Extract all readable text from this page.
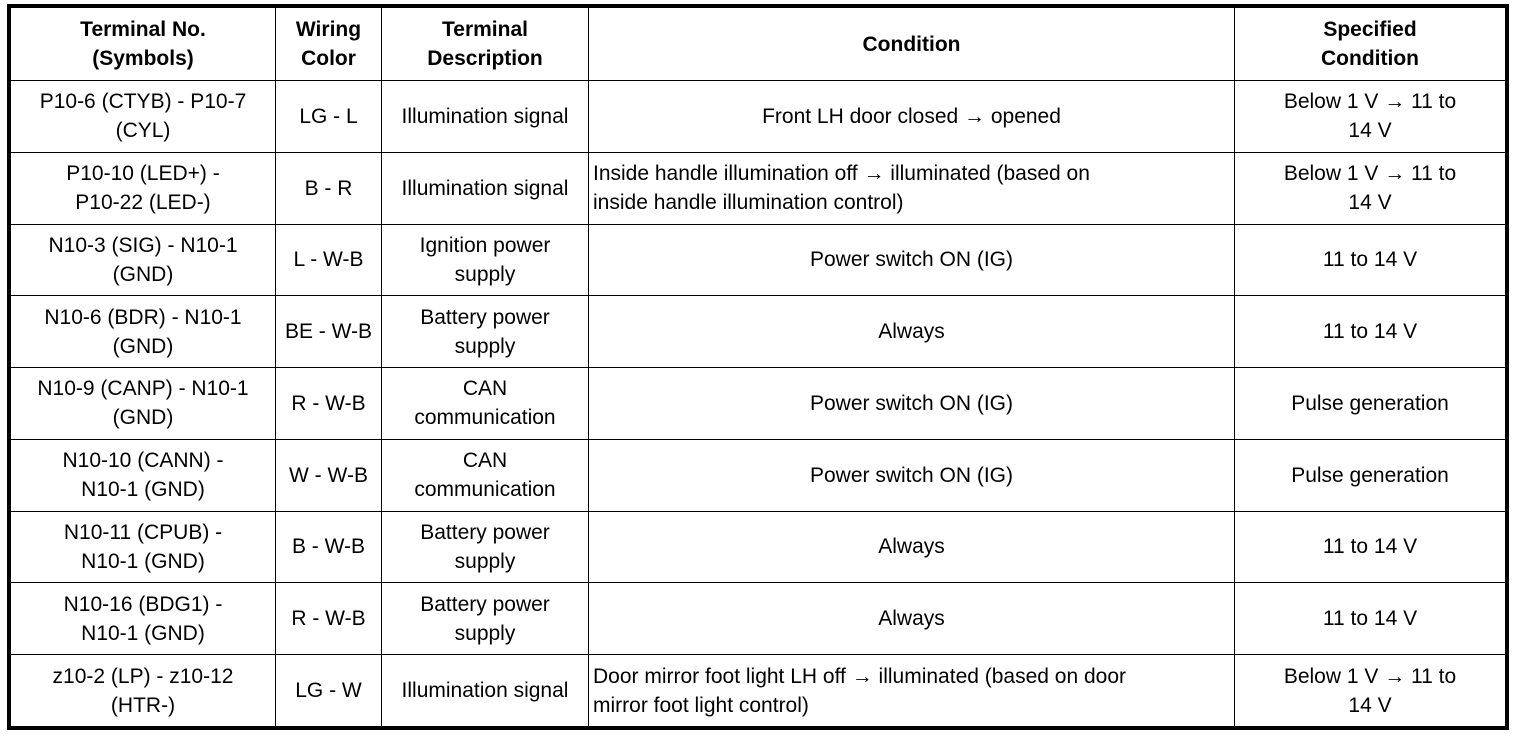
Terminal No.
(Symbols)	Wiring
Color	Terminal
Description	Condition	Specified
Condition
P10-6 (CTYB) - P10-7
(CYL)	LG - L	Illumination signal	Front LH door closed → opened	Below 1 V → 11 to
14 V
P10-10 (LED+) -
P10-22 (LED-)	B - R	Illumination signal	Inside handle illumination off → illuminated (based on
inside handle illumination control)	Below 1 V → 11 to
14 V
N10-3 (SIG) - N10-1
(GND)	L - W-B	Ignition power
supply	Power switch ON (IG)	11 to 14 V
N10-6 (BDR) - N10-1
(GND)	BE - W-B	Battery power
supply	Always	11 to 14 V
N10-9 (CANP) - N10-1
(GND)	R - W-B	CAN
communication	Power switch ON (IG)	Pulse generation
N10-10 (CANN) -
N10-1 (GND)	W - W-B	CAN
communication	Power switch ON (IG)	Pulse generation
N10-11 (CPUB) -
N10-1 (GND)	B - W-B	Battery power
supply	Always	11 to 14 V
N10-16 (BDG1) -
N10-1 (GND)	R - W-B	Battery power
supply	Always	11 to 14 V
z10-2 (LP) - z10-12
(HTR-)	LG - W	Illumination signal	Door mirror foot light LH off → illuminated (based on door
mirror foot light control)	Below 1 V → 11 to
14 V
